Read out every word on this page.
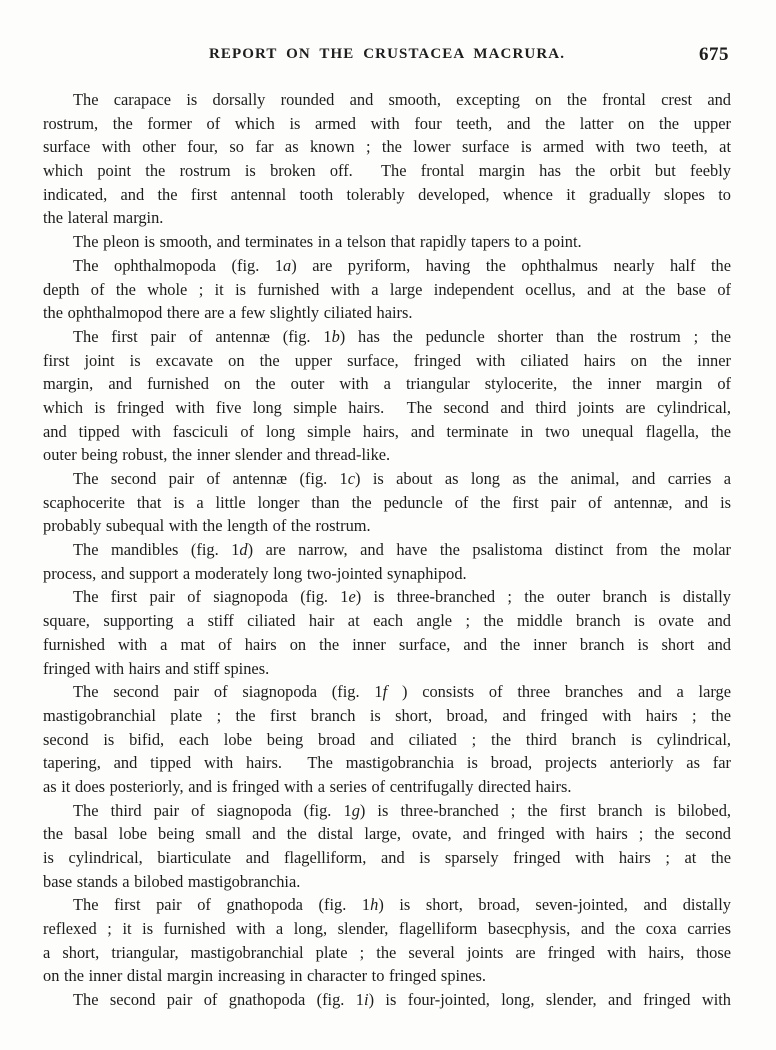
REPORT ON THE CRUSTACEA MACRURA.	675
The carapace is dorsally rounded and smooth, excepting on the frontal crest and
rostrum, the former of which is armed with four teeth, and the latter on the upper
surface with other four, so far as known ; the lower surface is armed with two teeth, at
which point the rostrum is broken off.  The frontal margin has the orbit but feebly
indicated, and the first antennal tooth tolerably developed, whence it gradually slopes to
the lateral margin.
The pleon is smooth, and terminates in a telson that rapidly tapers to a point.
The ophthalmopoda (fig. 1a) are pyriform, having the ophthalmus nearly half the
depth of the whole ; it is furnished with a large independent ocellus, and at the base of
the ophthalmopod there are a few slightly ciliated hairs.
The first pair of antennæ (fig. 1b) has the peduncle shorter than the rostrum ; the
first joint is excavate on the upper surface, fringed with ciliated hairs on the inner
margin, and furnished on the outer with a triangular stylocerite, the inner margin of
which is fringed with five long simple hairs.  The second and third joints are cylindrical,
and tipped with fasciculi of long simple hairs, and terminate in two unequal flagella, the
outer being robust, the inner slender and thread-like.
The second pair of antennæ (fig. 1c) is about as long as the animal, and carries a
scaphocerite that is a little longer than the peduncle of the first pair of antennæ, and is
probably subequal with the length of the rostrum.
The mandibles (fig. 1d) are narrow, and have the psalistoma distinct from the molar
process, and support a moderately long two-jointed synaphipod.
The first pair of siagnopoda (fig. 1e) is three-branched ; the outer branch is distally
square, supporting a stiff ciliated hair at each angle ; the middle branch is ovate and
furnished with a mat of hairs on the inner surface, and the inner branch is short and
fringed with hairs and stiff spines.
The second pair of siagnopoda (fig. 1f ) consists of three branches and a large
mastigobranchial plate ; the first branch is short, broad, and fringed with hairs ; the
second is bifid, each lobe being broad and ciliated ; the third branch is cylindrical,
tapering, and tipped with hairs.  The mastigobranchia is broad, projects anteriorly as far
as it does posteriorly, and is fringed with a series of centrifugally directed hairs.
The third pair of siagnopoda (fig. 1g) is three-branched ; the first branch is bilobed,
the basal lobe being small and the distal large, ovate, and fringed with hairs ; the second
is cylindrical, biarticulate and flagelliform, and is sparsely fringed with hairs ; at the
base stands a bilobed mastigobranchia.
The first pair of gnathopoda (fig. 1h) is short, broad, seven-jointed, and distally
reflexed ; it is furnished with a long, slender, flagelliform basecphysis, and the coxa carries
a short, triangular, mastigobranchial plate ; the several joints are fringed with hairs, those
on the inner distal margin increasing in character to fringed spines.
The second pair of gnathopoda (fig. 1i) is four-jointed, long, slender, and fringed with
